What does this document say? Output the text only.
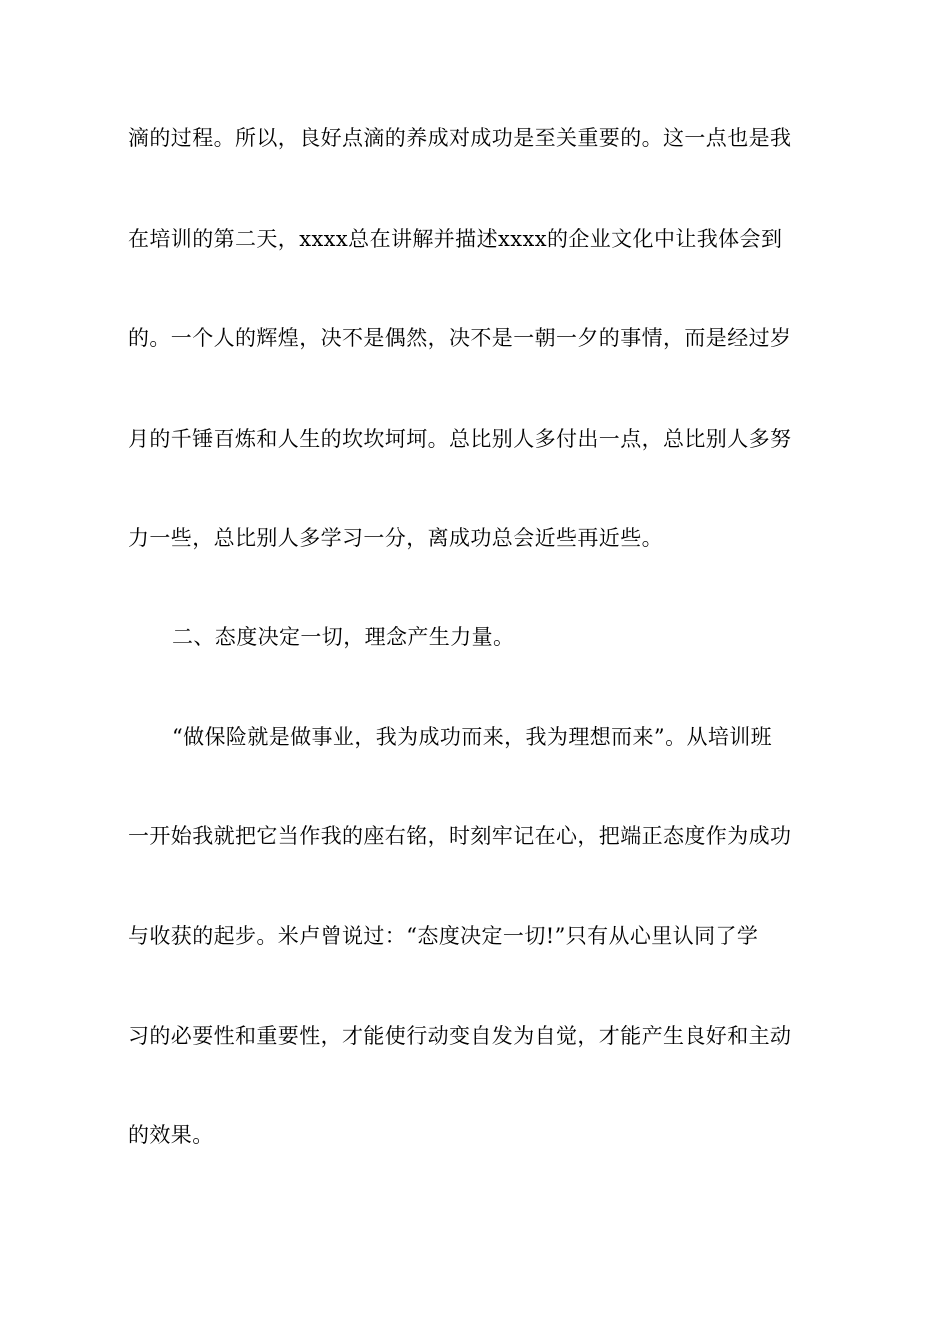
滴的过程。所以，良好点滴的养成对成功是至关重要的。这一点也是我
在培训的第二天，xxxx总在讲解并描述xxxx的企业文化中让我体会到
的。一个人的辉煌，决不是偶然，决不是一朝一夕的事情，而是经过岁
月的千锤百炼和人生的坎坎坷坷。总比别人多付出一点，总比别人多努
力一些，总比别人多学习一分，离成功总会近些再近些。
二、态度决定一切，理念产生力量。
“做保险就是做事业，我为成功而来，我为理想而来”。从培训班
一开始我就把它当作我的座右铭，时刻牢记在心，把端正态度作为成功
与收获的起步。米卢曾说过：“态度决定一切!”只有从心里认同了学
习的必要性和重要性，才能使行动变自发为自觉，才能产生良好和主动
的效果。
